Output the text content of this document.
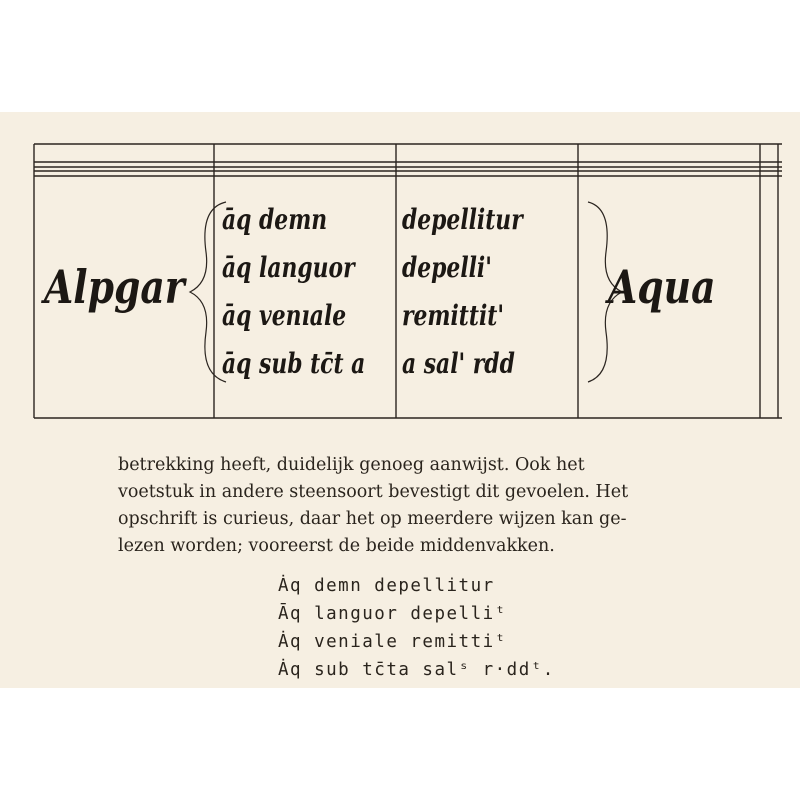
Alpgar	Aqua
āq demn
āq languor
āq venıale
āq sub tc̄t a
depellitur
depelli'
remittit'
a sal' rdd

betrekking heeft, duidelijk genoeg aanwijst. Ook het

voetstuk in andere steensoort bevestigt dit gevoelen. Het

opschrift is curieus, daar het op meerdere wijzen kan ge-

lezen worden; vooreerst de beide middenvakken.

Ȧq demn depellitur
Āq languor depelliᵗ
Ȧq veniale remittiᵗ
Ȧq sub tc̄ta salˢ r·ddᵗ.
